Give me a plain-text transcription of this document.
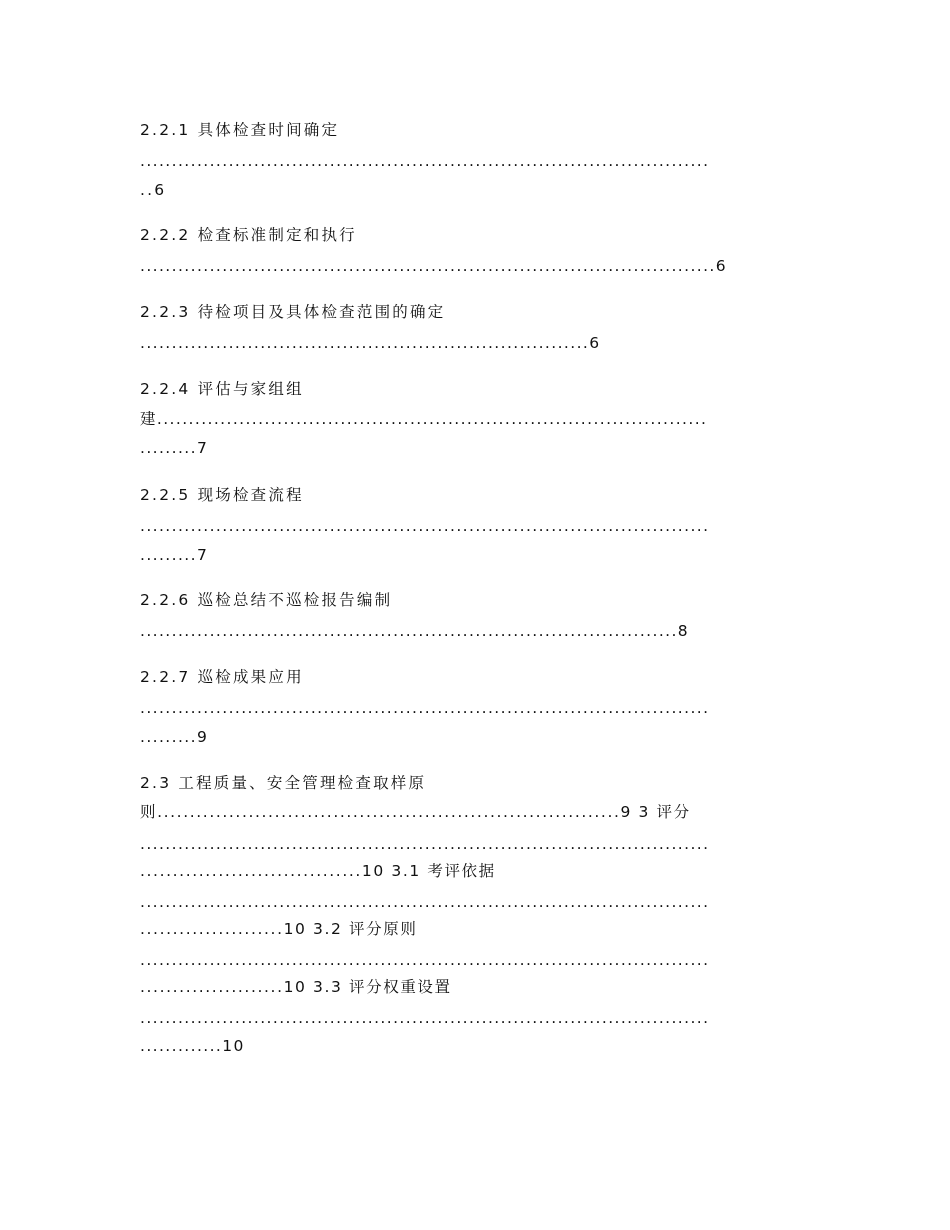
2.2.1 具体检查时间确定

..........................................................................................

..6

2.2.2 检查标准制定和执行

...........................................................................................6

2.2.3 待检项目及具体检查范围的确定

.......................................................................6

2.2.4 评估与家组组

建.......................................................................................

.........7

2.2.5 现场检查流程

..........................................................................................

.........7

2.2.6 巡检总结不巡检报告编制

.....................................................................................8

2.2.7 巡检成果应用

..........................................................................................

.........9

2.3 工程质量、安全管理检查取样原

则.......................................................................9 3 评分

..........................................................................................

..................................10 3.1 考评依据

..........................................................................................

......................10 3.2 评分原则

..........................................................................................

......................10 3.3 评分权重设置

..........................................................................................

.............10
